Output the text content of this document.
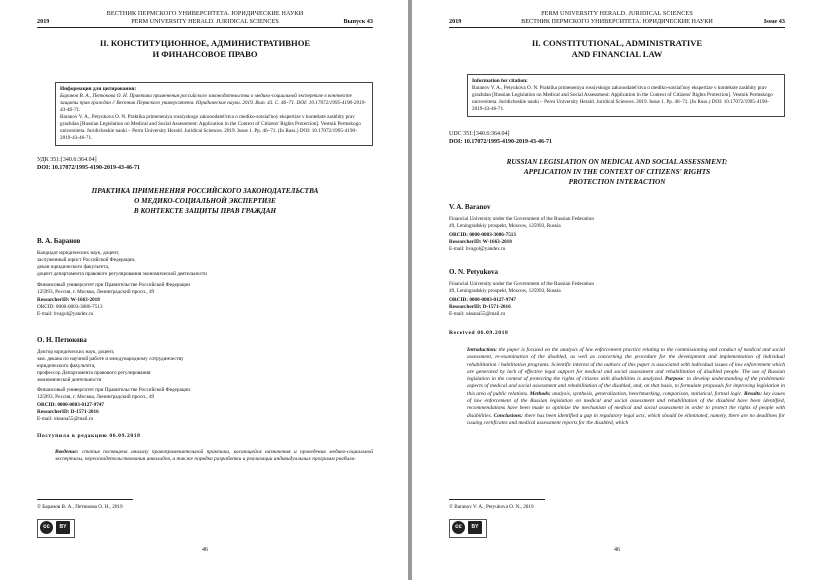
ВЕСТНИК ПЕРМСКОГО УНИВЕРСИТЕТА. ЮРИДИЧЕСКИЕ НАУКИ
2019	PERM UNIVERSITY HERALD. JURIDICAL SCIENCES	Выпуск 43
II. КОНСТИТУЦИОННОЕ, АДМИНИСТРАТИВНОЕ
И ФИНАНСОВОЕ ПРАВО
Информация для цитирования:
Баранов В. А., Петюкова О. Н. Практика применения российского законодательства о медико-социальной экспертизе в контексте защиты прав граждан // Вестник Пермского университета. Юридические науки. 2019. Вып. 43. С. 46–71. DOI: 10.17072/1995-4190-2019-43-46-71.
Baranov V. A., Petyukova O. N. Praktika primeneniya rossiyskogo zakonodatel'stva o mediko-sotsial'noy ekspertize v kontekste zashhity prav grazhdan [Russian Legislation on Medical and Social Assessment: Application in the Context of Citizens' Rights Protection]. Vestnik Permskogo universiteta. Juridicheskie nauki – Perm University Herald. Juridical Sciences. 2019. Issue 1. Pp. 46–71. (In Russ.) DOI: 10.17072/1995-4190-2019-43-46-71.
УДК 351:[340.6:364.04]
DOI: 10.17072/1995-4190-2019-43-46-71
ПРАКТИКА ПРИМЕНЕНИЯ РОССИЙСКОГО ЗАКОНОДАТЕЛЬСТВА
О МЕДИКО-СОЦИАЛЬНОЙ ЭКСПЕРТИЗЕ
В КОНТЕКСТЕ ЗАЩИТЫ ПРАВ ГРАЖДАН
В. А. Баранов
Кандидат юридических наук, доцент,
заслуженный юрист Российской Федерации,
декан юридического факультета,
доцент департамента правового регулирования экономической деятельности
Финансовый университет при Правительстве Российской Федерации
125993, Россия, г. Москва, Ленинградский просп., 49
ResearcherID: W-1663-2018
ORCID: 0000-0003-3086-7513
E-mail: bvagol@yandex.ru
О. Н. Петюкова
Доктор юридических наук, доцент,
зам. декана по научной работе и международному сотрудничеству
юридического факультета,
профессор Департамента правового регулирования
экономической деятельности
Финансовый университет при Правительстве Российской Федерации
125993, Россия, г. Москва, Ленинградский просп., 49
ORCID: 0000-0003-0127-9747
ResearcherID: D-1571-2016
E-mail: oksana55@mail.ru
Поступила в редакцию 06.09.2018
Введение: статья посвящена анализу правоприменительной практики, касающейся назначения и проведения медико-социальной экспертизы, переосвидетельствования инвалидов, а также порядка разработки и реализации индивидуальных программ реабили-
© Баранов В. А., Петюкова О. Н., 2019
cc	BY
46
PERM UNIVERSITY HERALD. JURIDICAL SCIENCES
2019	ВЕСТНИК ПЕРМСКОГО УНИВЕРСИТЕТА. ЮРИДИЧЕСКИЕ НАУКИ	Issue 43
II. CONSTITUTIONAL, ADMINISTRATIVE
AND FINANCIAL LAW
Information for citation:
Baranov V. A., Petyukova O. N. Praktika primeneniya rossiyskogo zakonodatel'stva o mediko-sotsial'noy ekspertize v kontekste zashhity prav grazhdan [Russian Legislation on Medical and Social Assessment: Application in the Context of Citizens' Rights Protection]. Vestnik Permskogo universiteta. Juridicheskie nauki – Perm University Herald. Juridical Sciences. 2019. Issue 1. Pp. 46–71. (In Russ.) DOI: 10.17072/1995-4190-2019-43-46-71.
UDC 351:[340.6:364.04]
DOI: 10.17072/1995-4190-2019-43-46-71
RUSSIAN LEGISLATION ON MEDICAL AND SOCIAL ASSESSMENT:
APPLICATION IN THE CONTEXT OF CITIZENS' RIGHTS
PROTECTION INTERACTION
V. A. Baranov
Financial University under the Government of the Russian Federation
49, Leningradskiy prospekt, Moscow, 125993, Russia
ORCID: 0000-0003-3086-7513
ResearcherID: W-1663-2018
E-mail: bvagol@yandex.ru
O. N. Petyukova
Financial University under the Government of the Russian Federation
49, Leningradskiy prospekt, Moscow, 125993, Russia
ORCID: 0000-0003-0127-9747
ResearcherID: D-1571-2016
E-mail: oksana55@mail.ru
Received 06.09.2018
Introduction: the paper is focused on the analysis of law enforcement practice relating to the commissioning and conduct of medical and social assessment, re-examination of the disabled, as well as concerning the procedure for the development and implementation of individual rehabilitation / habilitation programs. Scientific interest of the authors of this paper is associated with individual issues of law enforcement which are generated by lack of effective legal support for medical and social assessment and rehabilitation of disabled people. The use of Russian legislation in the context of protecting the rights of citizens with disabilities is analyzed. Purpose: to develop understanding of the problematic aspects of medical and social assessment and rehabilitation of the disabled, and, on that basis, to formulate proposals for improving legislation in this area of public relations. Methods: analysis, synthesis, generalization, benchmarking, comparison, statistical, formal logic. Results: key issues of law enforcement of the Russian legislation on medical and social assessment and rehabilitation of the disabled have been identified, recommendations have been made to optimize the mechanism of medical and social assessment in order to protect the rights of people with disabilities. Conclusions: there has been identified a gap in regulatory legal acts, which should be eliminated, namely, there are no deadlines for issuing certificates and medical assessment reports for the disabled, which
© Baranov V. A., Petyukova O. N., 2019
cc	BY
46
